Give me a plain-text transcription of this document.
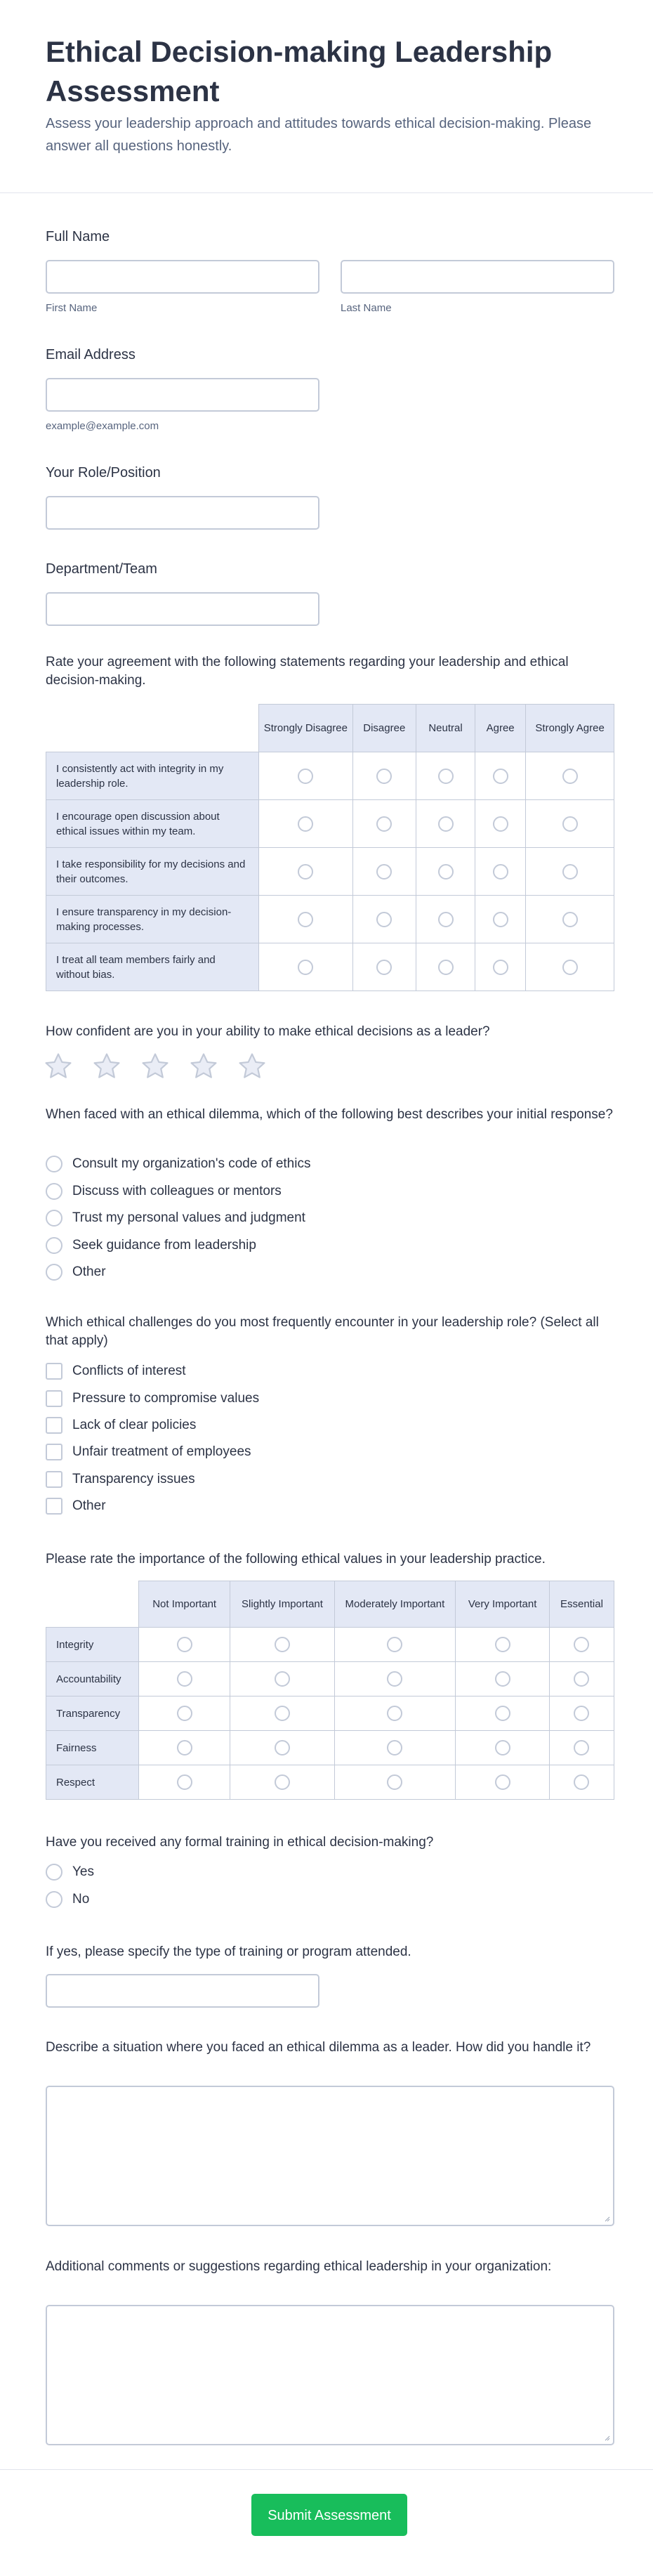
Ethical Decision-making Leadership Assessment
Assess your leadership approach and attitudes towards ethical decision-making. Please answer all questions honestly.
Full Name
First Name	Last Name
Email Address
example@example.com
Your Role/Position
Department/Team
Rate your agreement with the following statements regarding your leadership and ethical decision-making.
	Strongly Disagree	Disagree	Neutral	Agree	Strongly Agree
I consistently act with integrity in my leadership role.					
I encourage open discussion about ethical issues within my team.					
I take responsibility for my decisions and their outcomes.					
I ensure transparency in my decision-making processes.					
I treat all team members fairly and without bias.					
How confident are you in your ability to make ethical decisions as a leader?
When faced with an ethical dilemma, which of the following best describes your initial response?
Consult my organization's code of ethics
Discuss with colleagues or mentors
Trust my personal values and judgment
Seek guidance from leadership
Other
Which ethical challenges do you most frequently encounter in your leadership role? (Select all that apply)
Conflicts of interest
Pressure to compromise values
Lack of clear policies
Unfair treatment of employees
Transparency issues
Other
Please rate the importance of the following ethical values in your leadership practice.
	Not Important	Slightly Important	Moderately Important	Very Important	Essential
Integrity					
Accountability					
Transparency					
Fairness					
Respect					
Have you received any formal training in ethical decision-making?
Yes
No
If yes, please specify the type of training or program attended.
Describe a situation where you faced an ethical dilemma as a leader. How did you handle it?
Additional comments or suggestions regarding ethical leadership in your organization:
Submit Assessment
